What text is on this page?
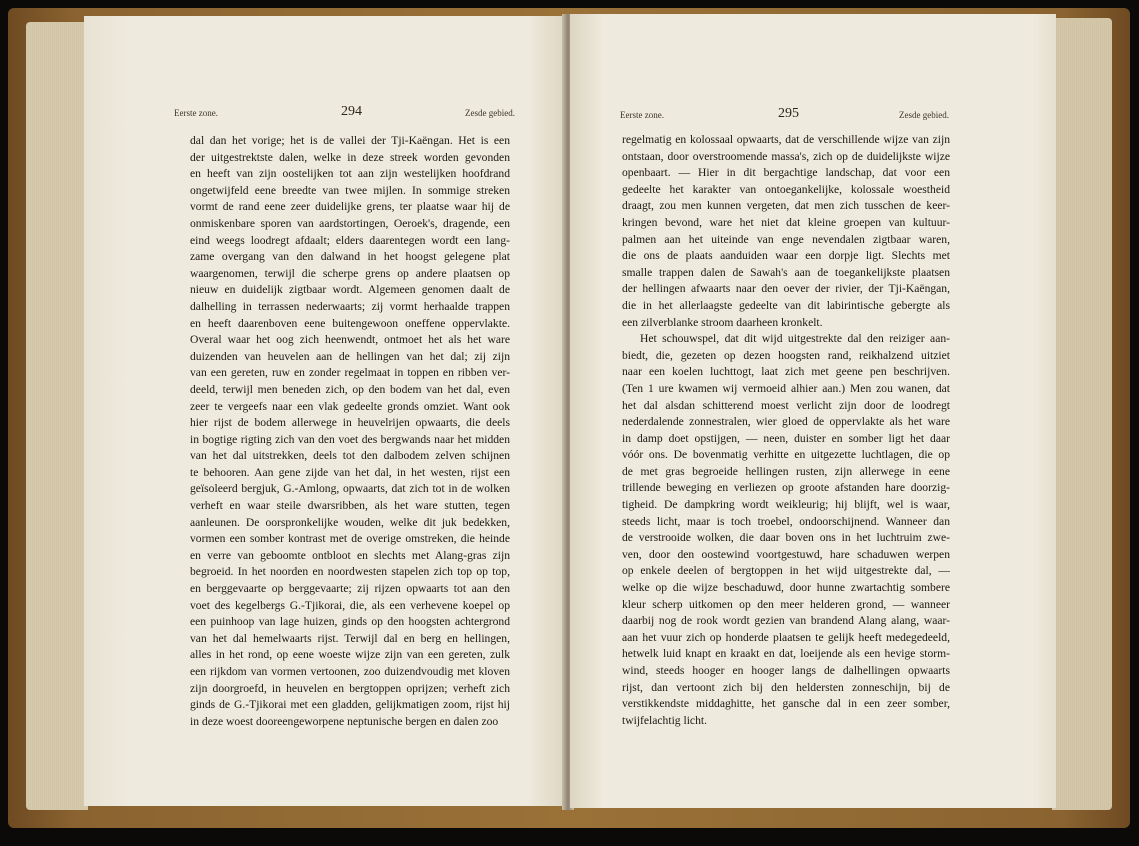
Eerste zone.	294	Zesde gebied.
dal dan het vorige; het is de vallei der Tji-Kaëngan. Het is een
der uitgestrektste dalen, welke in deze streek worden gevonden
en heeft van zijn oostelijken tot aan zijn westelijken hoofdrand
ongetwijfeld eene breedte van twee mijlen. In sommige streken
vormt de rand eene zeer duidelijke grens, ter plaatse waar hij de
onmiskenbare sporen van aardstortingen, Oeroek's, dragende, een
eind weegs loodregt afdaalt; elders daarentegen wordt een lang-
zame overgang van den dalwand in het hoogst gelegene plat
waargenomen, terwijl die scherpe grens op andere plaatsen op
nieuw en duidelijk zigtbaar wordt. Algemeen genomen daalt de
dalhelling in terrassen nederwaarts; zij vormt herhaalde trappen
en heeft daarenboven eene buitengewoon oneffene oppervlakte.
Overal waar het oog zich heenwendt, ontmoet het als het ware
duizenden van heuvelen aan de hellingen van het dal; zij zijn
van een gereten, ruw en zonder regelmaat in toppen en ribben ver-
deeld, terwijl men beneden zich, op den bodem van het dal, even
zeer te vergeefs naar een vlak gedeelte gronds omziet. Want ook
hier rijst de bodem allerwege in heuvelrijen opwaarts, die deels
in bogtige rigting zich van den voet des bergwands naar het midden
van het dal uitstrekken, deels tot den dalbodem zelven schijnen
te behooren. Aan gene zijde van het dal, in het westen, rijst een
geïsoleerd bergjuk, G.-Amlong, opwaarts, dat zich tot in de wolken
verheft en waar steile dwarsribben, als het ware stutten, tegen
aanleunen. De oorspronkelijke wouden, welke dit juk bedekken,
vormen een somber kontrast met de overige omstreken, die heinde
en verre van geboomte ontbloot en slechts met Alang-gras zijn
begroeid. In het noorden en noordwesten stapelen zich top op top,
en berggevaarte op berggevaarte; zij rijzen opwaarts tot aan den
voet des kegelbergs G.-Tjikorai, die, als een verhevene koepel op
een puinhoop van lage huizen, ginds op den hoogsten achtergrond
van het dal hemelwaarts rijst. Terwijl dal en berg en hellingen,
alles in het rond, op eene woeste wijze zijn van een gereten, zulk
een rijkdom van vormen vertoonen, zoo duizendvoudig met kloven
zijn doorgroefd, in heuvelen en bergtoppen oprijzen; verheft zich
ginds de G.-Tjikorai met een gladden, gelijkmatigen zoom, rijst hij
in deze woest dooreengeworpene neptunische bergen en dalen zoo
Eerste zone.	295	Zesde gebied.
regelmatig en kolossaal opwaarts, dat de verschillende wijze van zijn
ontstaan, door overstroomende massa's, zich op de duidelijkste wijze
openbaart. — Hier in dit bergachtige landschap, dat voor een
gedeelte het karakter van ontoegankelijke, kolossale woestheid
draagt, zou men kunnen vergeten, dat men zich tusschen de keer-
kringen bevond, ware het niet dat kleine groepen van kultuur-
palmen aan het uiteinde van enge nevendalen zigtbaar waren,
die ons de plaats aanduiden waar een dorpje ligt. Slechts met
smalle trappen dalen de Sawah's aan de toegankelijkste plaatsen
der hellingen afwaarts naar den oever der rivier, der Tji-Kaëngan,
die in het allerlaagste gedeelte van dit labirintische gebergte als
een zilverblanke stroom daarheen kronkelt.
Het schouwspel, dat dit wijd uitgestrekte dal den reiziger aan-
biedt, die, gezeten op dezen hoogsten rand, reikhalzend uitziet
naar een koelen luchttogt, laat zich met geene pen beschrijven.
(Ten 1 ure kwamen wij vermoeid alhier aan.) Men zou wanen, dat
het dal alsdan schitterend moest verlicht zijn door de loodregt
nederdalende zonnestralen, wier gloed de oppervlakte als het ware
in damp doet opstijgen, — neen, duister en somber ligt het daar
vóór ons. De bovenmatig verhitte en uitgezette luchtlagen, die op
de met gras begroeide hellingen rusten, zijn allerwege in eene
trillende beweging en verliezen op groote afstanden hare doorzig-
tigheid. De dampkring wordt weikleurig; hij blijft, wel is waar,
steeds licht, maar is toch troebel, ondoorschijnend. Wanneer dan
de verstrooide wolken, die daar boven ons in het luchtruim zwe-
ven, door den oostewind voortgestuwd, hare schaduwen werpen
op enkele deelen of bergtoppen in het wijd uitgestrekte dal, —
welke op die wijze beschaduwd, door hunne zwartachtig sombere
kleur scherp uitkomen op den meer helderen grond, — wanneer
daarbij nog de rook wordt gezien van brandend Alang alang, waar-
aan het vuur zich op honderde plaatsen te gelijk heeft medegedeeld,
hetwelk luid knapt en kraakt en dat, loeijende als een hevige storm-
wind, steeds hooger en hooger langs de dalhellingen opwaarts
rijst, dan vertoont zich bij den heldersten zonneschijn, bij de
verstikkendste middaghitte, het gansche dal in een zeer somber,
twijfelachtig licht.
